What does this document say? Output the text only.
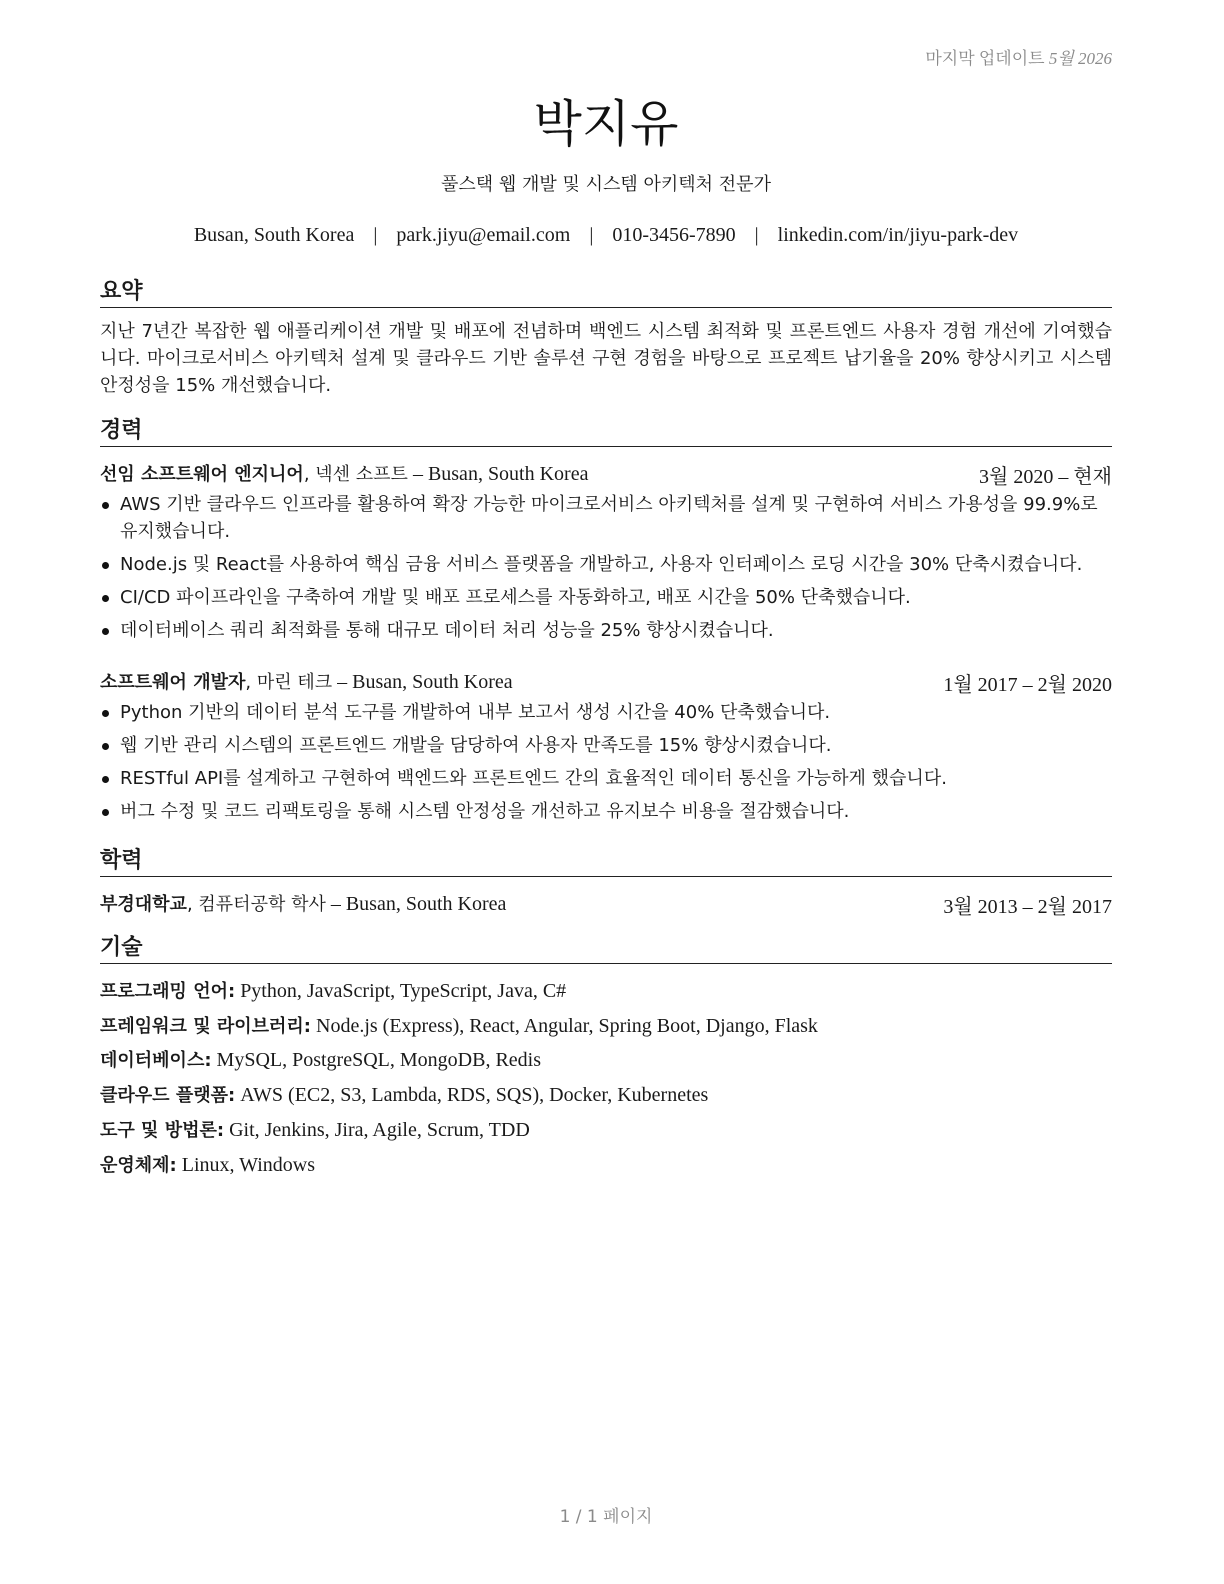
마지막 업데이트 5월 2026
박지유
풀스택 웹 개발 및 시스템 아키텍처 전문가
Busan, South Korea | park.jiyu@email.com | 010-3456-7890 | linkedin.com/in/jiyu-park-dev
요약
지난 7년간 복잡한 웹 애플리케이션 개발 및 배포에 전념하며 백엔드 시스템 최적화 및 프론트엔드 사용자 경험 개선에 기여했습니다. 마이크로서비스 아키텍처 설계 및 클라우드 기반 솔루션 구현 경험을 바탕으로 프로젝트 납기율을 20% 향상시키고 시스템 안정성을 15% 개선했습니다.
경력
선임 소프트웨어 엔지니어, 넥센 소프트 – Busan, South Korea	3월 2020 – 현재
AWS 기반 클라우드 인프라를 활용하여 확장 가능한 마이크로서비스 아키텍처를 설계 및 구현하여 서비스 가용성을 99.9%로 유지했습니다.
Node.js 및 React를 사용하여 핵심 금융 서비스 플랫폼을 개발하고, 사용자 인터페이스 로딩 시간을 30% 단축시켰습니다.
CI/CD 파이프라인을 구축하여 개발 및 배포 프로세스를 자동화하고, 배포 시간을 50% 단축했습니다.
데이터베이스 쿼리 최적화를 통해 대규모 데이터 처리 성능을 25% 향상시켰습니다.
소프트웨어 개발자, 마린 테크 – Busan, South Korea	1월 2017 – 2월 2020
Python 기반의 데이터 분석 도구를 개발하여 내부 보고서 생성 시간을 40% 단축했습니다.
웹 기반 관리 시스템의 프론트엔드 개발을 담당하여 사용자 만족도를 15% 향상시켰습니다.
RESTful API를 설계하고 구현하여 백엔드와 프론트엔드 간의 효율적인 데이터 통신을 가능하게 했습니다.
버그 수정 및 코드 리팩토링을 통해 시스템 안정성을 개선하고 유지보수 비용을 절감했습니다.
학력
부경대학교, 컴퓨터공학 학사 – Busan, South Korea	3월 2013 – 2월 2017
기술
프로그래밍 언어: Python, JavaScript, TypeScript, Java, C#
프레임워크 및 라이브러리: Node.js (Express), React, Angular, Spring Boot, Django, Flask
데이터베이스: MySQL, PostgreSQL, MongoDB, Redis
클라우드 플랫폼: AWS (EC2, S3, Lambda, RDS, SQS), Docker, Kubernetes
도구 및 방법론: Git, Jenkins, Jira, Agile, Scrum, TDD
운영체제: Linux, Windows
1 / 1 페이지
